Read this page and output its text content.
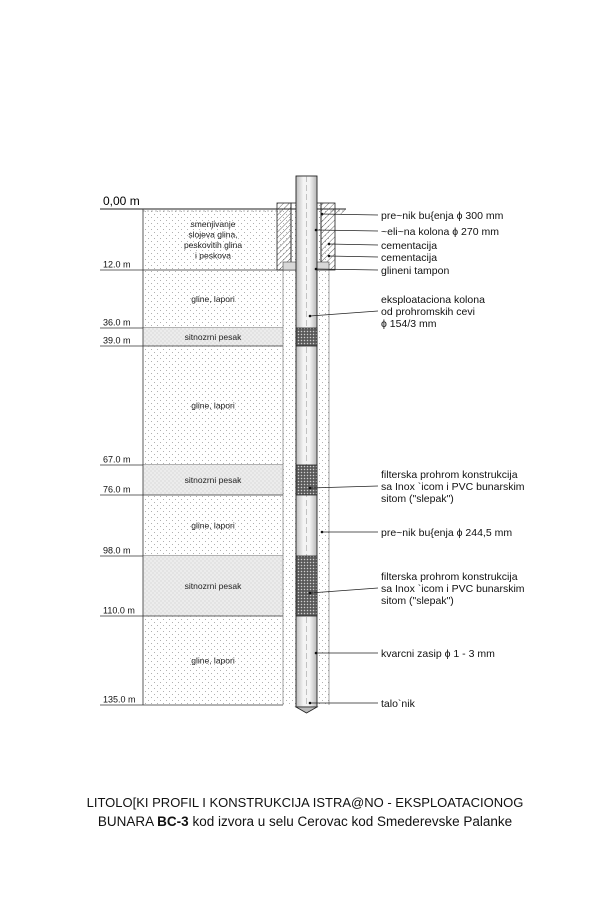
0,00 m
smenjivanje
slojeva glina,
peskovitih glina
i peskova
12.0 m
gline, lapori
36.0 m
sitnozrni pesak
39.0 m
gline, lapori
67.0 m
sitnozrni pesak
76.0 m
gline, lapori
98.0 m
sitnozrni pesak
110.0 m
gline, lapori
135.0 m
pre~nik bu{enja ϕ 300 mm
~eli~na kolona ϕ 270 mm
cementacija
cementacija
glineni tampon
eksploataciona kolona
od prohromskih cevi
ϕ 154/3 mm
filterska prohrom konstrukcija
sa Inox `icom i PVC bunarskim
sitom ("slepak")
pre~nik bu{enja ϕ 244,5 mm
filterska prohrom konstrukcija
sa Inox `icom i PVC bunarskim
sitom ("slepak")
kvarcni zasip ϕ 1 - 3 mm
talo`nik
LITOLO[KI PROFIL I KONSTRUKCIJA ISTRA@NO - EKSPLOATACIONOG
BUNARA BC-3 kod izvora u selu Cerovac kod Smederevske Palanke
